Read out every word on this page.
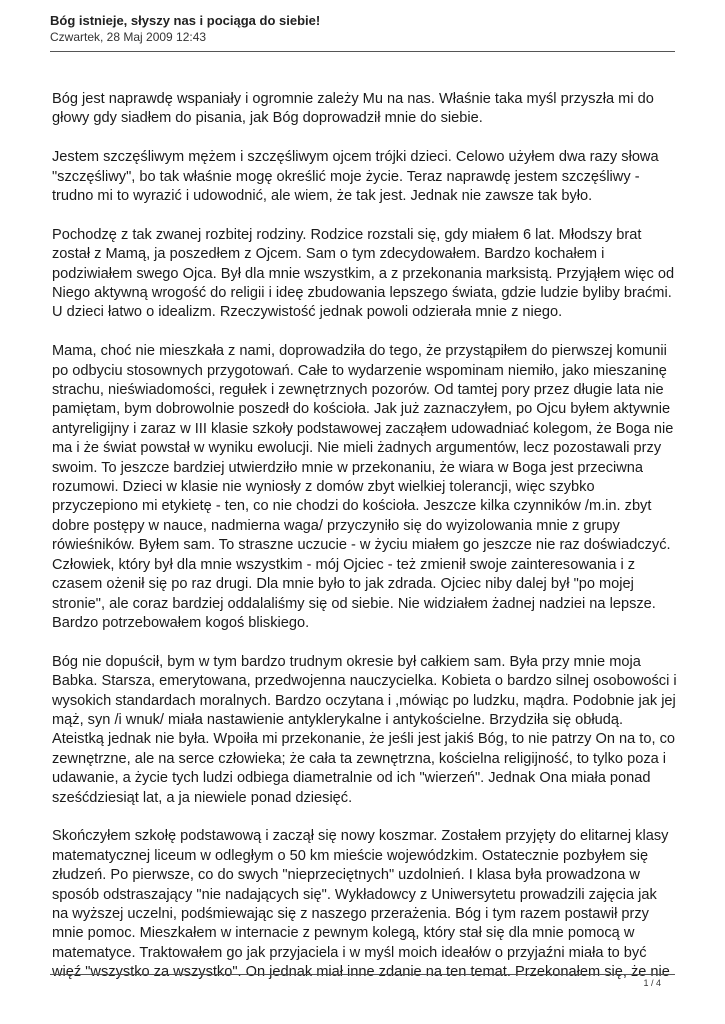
Bóg istnieje, słyszy nas i pociąga do siebie!
Czwartek, 28 Maj 2009 12:43

Bóg jest naprawdę wspaniały i ogromnie zależy Mu na nas. Właśnie taka myśl przyszła mi do głowy gdy siadłem do pisania, jak Bóg doprowadził mnie do siebie.

Jestem szczęśliwym mężem i szczęśliwym ojcem trójki dzieci. Celowo użyłem dwa razy słowa "szczęśliwy", bo tak właśnie mogę określić moje życie. Teraz naprawdę jestem szczęśliwy - trudno mi to wyrazić i udowodnić, ale wiem, że tak jest. Jednak nie zawsze tak było.

Pochodzę z tak zwanej rozbitej rodziny. Rodzice rozstali się, gdy miałem 6 lat. Młodszy brat został z Mamą, ja poszedłem z Ojcem. Sam o tym zdecydowałem. Bardzo kochałem i podziwiałem swego Ojca. Był dla mnie wszystkim, a z przekonania marksistą. Przyjąłem więc od Niego aktywną wrogość do religii i ideę zbudowania lepszego świata, gdzie ludzie byliby braćmi. U dzieci łatwo o idealizm. Rzeczywistość jednak powoli odzierała mnie z niego.

Mama, choć nie mieszkała z nami, doprowadziła do tego, że przystąpiłem do pierwszej komunii po odbyciu stosownych przygotowań. Całe to wydarzenie wspominam niemiło, jako mieszaninę strachu, nieświadomości, regułek i zewnętrznych pozorów. Od tamtej pory przez długie lata nie pamiętam, bym dobrowolnie poszedł do kościoła. Jak już zaznaczyłem, po Ojcu byłem aktywnie antyreligijny i zaraz w III klasie szkoły podstawowej zacząłem udowadniać kolegom, że Boga nie ma i że świat powstał w wyniku ewolucji. Nie mieli żadnych argumentów, lecz pozostawali przy swoim. To jeszcze bardziej utwierdziło mnie w przekonaniu, że wiara w Boga jest przeciwna rozumowi. Dzieci w klasie nie wyniosły z domów zbyt wielkiej tolerancji, więc szybko przyczepiono mi etykietę - ten, co nie chodzi do kościoła. Jeszcze kilka czynników /m.in. zbyt dobre postępy w nauce, nadmierna waga/ przyczyniło się do wyizolowania mnie z grupy rówieśników. Byłem sam. To straszne uczucie - w życiu miałem go jeszcze nie raz doświadczyć. Człowiek, który był dla mnie wszystkim - mój Ojciec - też zmienił swoje zainteresowania i z czasem ożenił się po raz drugi. Dla mnie było to jak zdrada. Ojciec niby dalej był "po mojej stronie", ale coraz bardziej oddalaliśmy się od siebie. Nie widziałem żadnej nadziei na lepsze. Bardzo potrzebowałem kogoś bliskiego.

Bóg nie dopuścił, bym w tym bardzo trudnym okresie był całkiem sam. Była przy mnie moja Babka. Starsza, emerytowana, przedwojenna nauczycielka. Kobieta o bardzo silnej osobowości i wysokich standardach moralnych. Bardzo oczytana i ,mówiąc po ludzku, mądra. Podobnie jak jej mąż, syn /i wnuk/ miała nastawienie antyklerykalne i antykościelne. Brzydziła się obłudą. Ateistką jednak nie była. Wpoiła mi przekonanie, że jeśli jest jakiś Bóg, to nie patrzy On na to, co zewnętrzne, ale na serce człowieka; że cała ta zewnętrzna, kościelna religijność, to tylko poza i udawanie, a życie tych ludzi odbiega diametralnie od ich "wierzeń". Jednak Ona miała ponad sześćdziesiąt lat, a ja niewiele ponad dziesięć.

Skończyłem szkołę podstawową i zaczął się nowy koszmar. Zostałem przyjęty do elitarnej klasy matematycznej liceum w odległym o 50 km mieście wojewódzkim. Ostatecznie pozbyłem się złudzeń. Po pierwsze, co do swych "nieprzeciętnych" uzdolnień. I klasa była prowadzona w sposób odstraszający "nie nadających się". Wykładowcy z Uniwersytetu prowadzili zajęcia jak na wyższej uczelni, podśmiewając się z naszego przerażenia. Bóg i tym razem postawił przy mnie pomoc. Mieszkałem w internacie z pewnym kolegą, który stał się dla mnie pomocą w matematyce. Traktowałem go jak przyjaciela i w myśl moich ideałów o przyjaźni miała to być więź "wszystko za wszystko". On jednak miał inne zdanie na ten temat. Przekonałem się, że nie

1 / 4
